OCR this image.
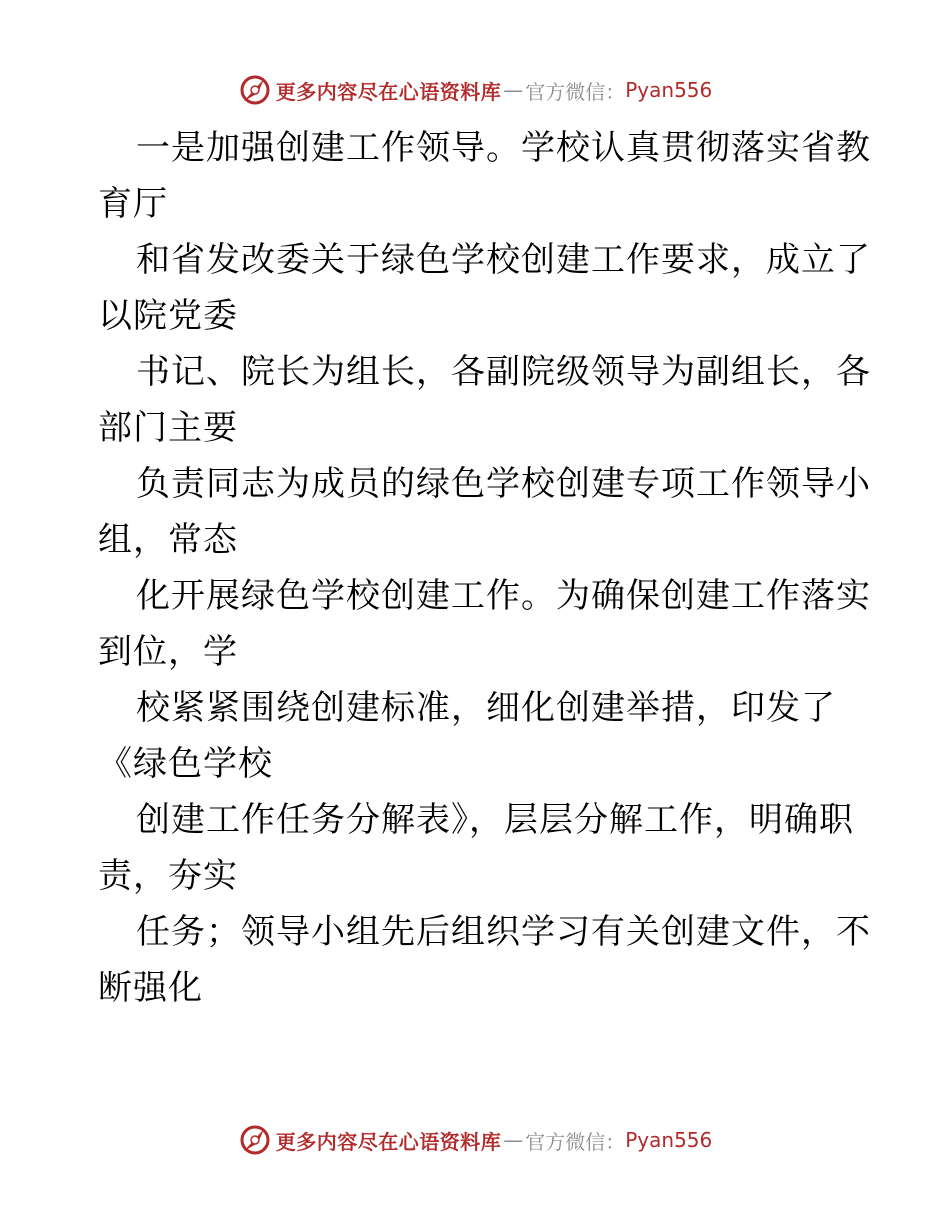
更多内容尽在心语资料库 — 官方微信： Pyan556
一是加强创建工作领导。学校认真贯彻落实省教
育厅
和省发改委关于绿色学校创建工作要求，成立了
以院党委
书记、院长为组长，各副院级领导为副组长，各
部门主要
负责同志为成员的绿色学校创建专项工作领导小
组，常态
化开展绿色学校创建工作。为确保创建工作落实
到位，学
校紧紧围绕创建标准，细化创建举措，印发了
《绿色学校
创建工作任务分解表》，层层分解工作，明确职
责，夯实
任务；领导小组先后组织学习有关创建文件，不
断强化
更多内容尽在心语资料库 — 官方微信： Pyan556
